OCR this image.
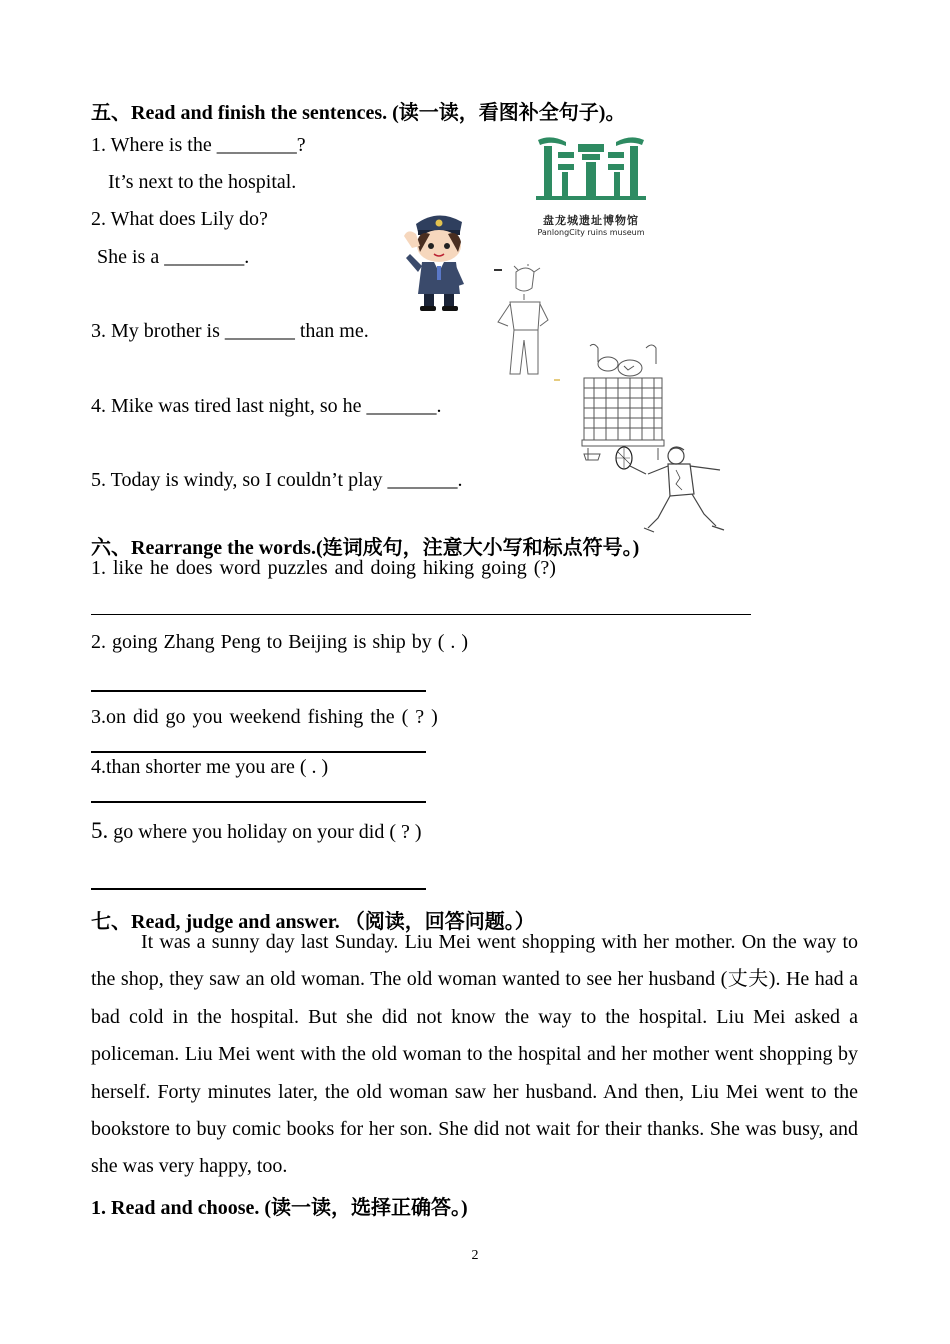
五、Read and finish the sentences. (读一读，看图补全句子)。
1. Where is the ________?
It’s next to the hospital.
2. What does Lily do?
She is a ________.
3. My brother is _______ than me.
4. Mike was tired last night, so he _______.
5. Today is windy, so I couldn’t play _______.
盘龙城遗址博物馆
PanlongCity ruins museum
六、Rearrange the words.(连词成句，注意大小写和标点符号。)
1. like he does word puzzles and doing hiking going (?)
2. going Zhang Peng to Beijing is ship by ( . )
3.on did go you weekend fishing the ( ? )
4.than shorter me you are ( . )
5. go where you holiday on your did ( ? )
七、Read, judge and answer. （阅读，回答问题。）

It was a sunny day last Sunday. Liu Mei went shopping with her mother. On the way to the shop, they saw an old woman. The old woman wanted to see her husband (丈夫). He had a bad cold in the hospital. But she did not know the way to the hospital. Liu Mei asked a policeman. Liu Mei went with the old woman to the hospital and her mother went shopping by herself. Forty minutes later, the old woman saw her husband. And then, Liu Mei went to the bookstore to buy comic books for her son. She did not wait for their thanks. She was busy, and she was very happy, too.

1. Read and choose. (读一读，选择正确答。)
2
